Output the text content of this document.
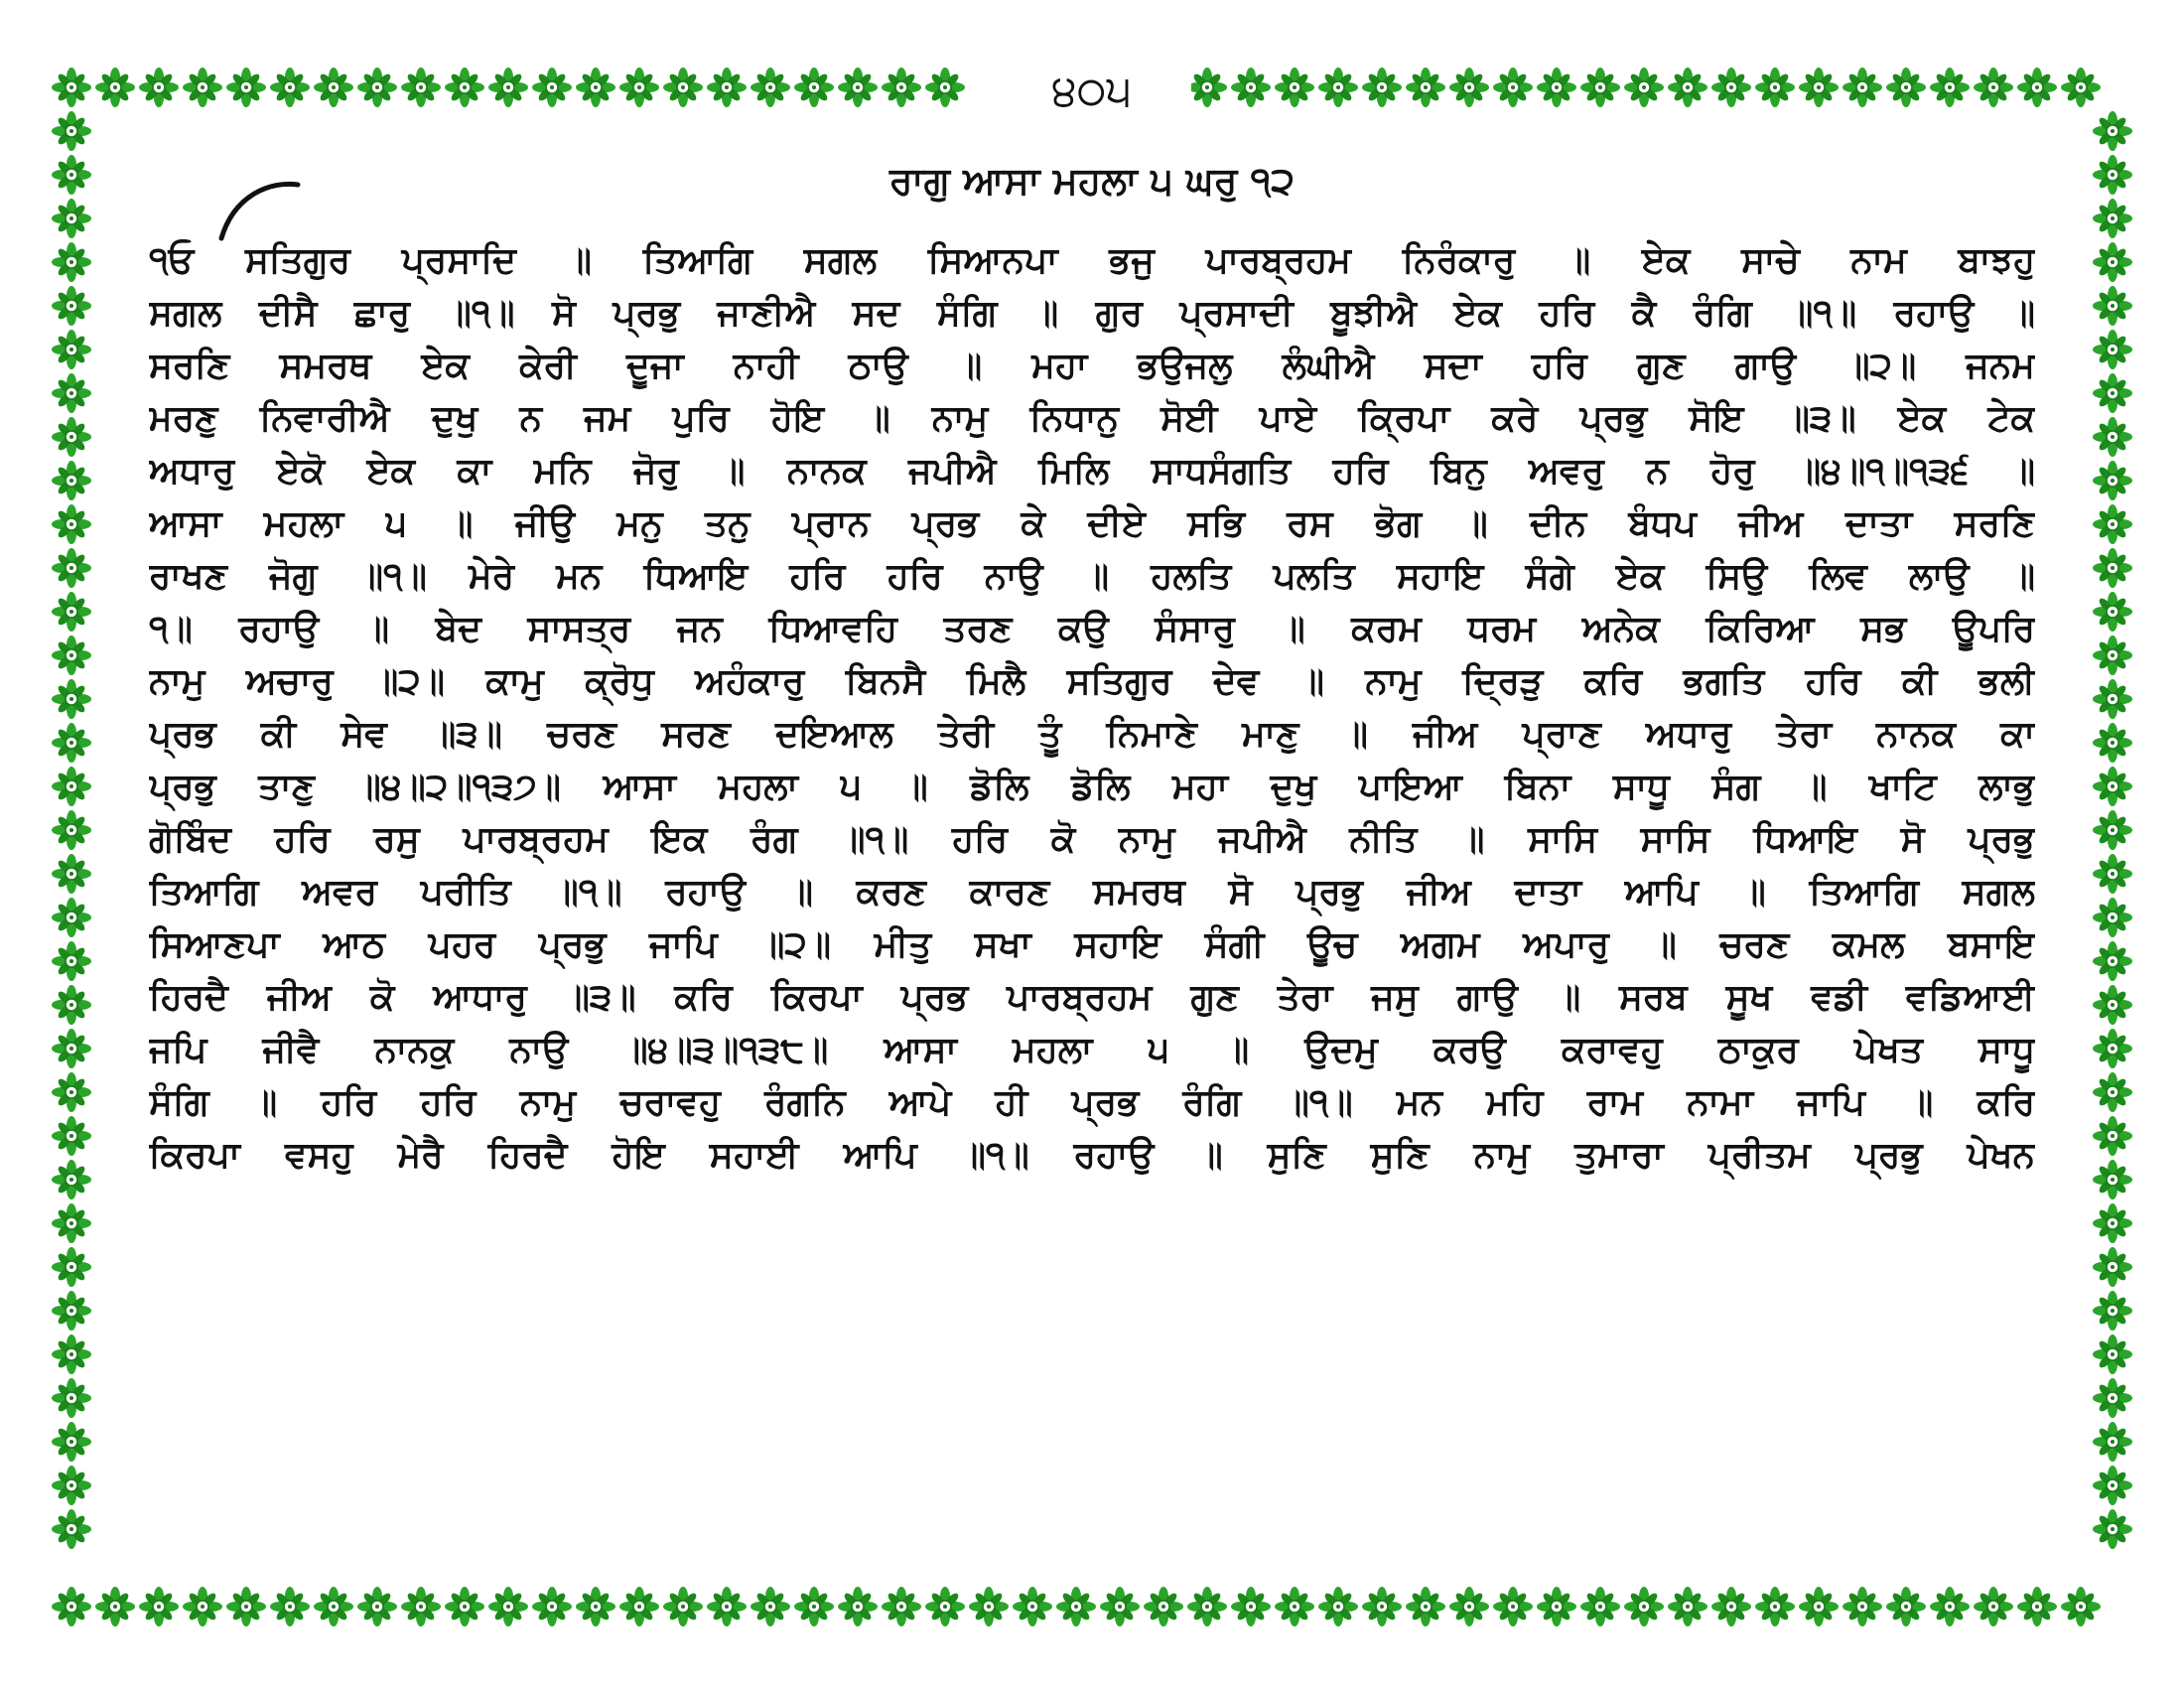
੪੦੫
ਰਾਗੁ ਆਸਾ ਮਹਲਾ ੫ ਘਰੁ ੧੨
੧ਓ ਸਤਿਗੁਰ ਪ੍ਰਸਾਦਿ ॥ ਤਿਆਗਿ ਸਗਲ ਸਿਆਨਪਾ ਭਜੁ ਪਾਰਬ੍ਰਹਮ ਨਿਰੰਕਾਰੁ ॥ ਏਕ ਸਾਚੇ ਨਾਮ ਬਾਝਹੁ
ਸਗਲ ਦੀਸੈ ਛਾਰੁ ॥੧॥ ਸੋ ਪ੍ਰਭੁ ਜਾਣੀਐ ਸਦ ਸੰਗਿ ॥ ਗੁਰ ਪ੍ਰਸਾਦੀ ਬੂਝੀਐ ਏਕ ਹਰਿ ਕੈ ਰੰਗਿ ॥੧॥ ਰਹਾਉ ॥
ਸਰਣਿ ਸਮਰਥ ਏਕ ਕੇਰੀ ਦੂਜਾ ਨਾਹੀ ਠਾਉ ॥ ਮਹਾ ਭਉਜਲੁ ਲੰਘੀਐ ਸਦਾ ਹਰਿ ਗੁਣ ਗਾਉ ॥੨॥ ਜਨਮ
ਮਰਣੁ ਨਿਵਾਰੀਐ ਦੁਖੁ ਨ ਜਮ ਪੁਰਿ ਹੋਇ ॥ ਨਾਮੁ ਨਿਧਾਨੁ ਸੋਈ ਪਾਏ ਕ੍ਰਿਪਾ ਕਰੇ ਪ੍ਰਭੁ ਸੋਇ ॥੩॥ ਏਕ ਟੇਕ
ਅਧਾਰੁ ਏਕੋ ਏਕ ਕਾ ਮਨਿ ਜੋਰੁ ॥ ਨਾਨਕ ਜਪੀਐ ਮਿਲਿ ਸਾਧਸੰਗਤਿ ਹਰਿ ਬਿਨੁ ਅਵਰੁ ਨ ਹੋਰੁ ॥੪॥੧॥੧੩੬ ॥
ਆਸਾ ਮਹਲਾ ੫ ॥ ਜੀਉ ਮਨੁ ਤਨੁ ਪ੍ਰਾਨ ਪ੍ਰਭ ਕੇ ਦੀਏ ਸਭਿ ਰਸ ਭੋਗ ॥ ਦੀਨ ਬੰਧਪ ਜੀਅ ਦਾਤਾ ਸਰਣਿ
ਰਾਖਣ ਜੋਗੁ ॥੧॥ ਮੇਰੇ ਮਨ ਧਿਆਇ ਹਰਿ ਹਰਿ ਨਾਉ ॥ ਹਲਤਿ ਪਲਤਿ ਸਹਾਇ ਸੰਗੇ ਏਕ ਸਿਉ ਲਿਵ ਲਾਉ ॥
੧॥ ਰਹਾਉ ॥ ਬੇਦ ਸਾਸਤ੍ਰ ਜਨ ਧਿਆਵਹਿ ਤਰਣ ਕਉ ਸੰਸਾਰੁ ॥ ਕਰਮ ਧਰਮ ਅਨੇਕ ਕਿਰਿਆ ਸਭ ਊਪਰਿ
ਨਾਮੁ ਅਚਾਰੁ ॥੨॥ ਕਾਮੁ ਕ੍ਰੋਧੁ ਅਹੰਕਾਰੁ ਬਿਨਸੈ ਮਿਲੈ ਸਤਿਗੁਰ ਦੇਵ ॥ ਨਾਮੁ ਦ੍ਰਿੜੁ ਕਰਿ ਭਗਤਿ ਹਰਿ ਕੀ ਭਲੀ
ਪ੍ਰਭ ਕੀ ਸੇਵ ॥੩॥ ਚਰਣ ਸਰਣ ਦਇਆਲ ਤੇਰੀ ਤੂੰ ਨਿਮਾਣੇ ਮਾਣੁ ॥ ਜੀਅ ਪ੍ਰਾਣ ਅਧਾਰੁ ਤੇਰਾ ਨਾਨਕ ਕਾ
ਪ੍ਰਭੁ ਤਾਣੁ ॥੪॥੨॥੧੩੭॥ ਆਸਾ ਮਹਲਾ ੫ ॥ ਡੋਲਿ ਡੋਲਿ ਮਹਾ ਦੁਖੁ ਪਾਇਆ ਬਿਨਾ ਸਾਧੂ ਸੰਗ ॥ ਖਾਟਿ ਲਾਭੁ
ਗੋਬਿੰਦ ਹਰਿ ਰਸੁ ਪਾਰਬ੍ਰਹਮ ਇਕ ਰੰਗ ॥੧॥ ਹਰਿ ਕੋ ਨਾਮੁ ਜਪੀਐ ਨੀਤਿ ॥ ਸਾਸਿ ਸਾਸਿ ਧਿਆਇ ਸੋ ਪ੍ਰਭੁ
ਤਿਆਗਿ ਅਵਰ ਪਰੀਤਿ ॥੧॥ ਰਹਾਉ ॥ ਕਰਣ ਕਾਰਣ ਸਮਰਥ ਸੋ ਪ੍ਰਭੁ ਜੀਅ ਦਾਤਾ ਆਪਿ ॥ ਤਿਆਗਿ ਸਗਲ
ਸਿਆਣਪਾ ਆਠ ਪਹਰ ਪ੍ਰਭੁ ਜਾਪਿ ॥੨॥ ਮੀਤੁ ਸਖਾ ਸਹਾਇ ਸੰਗੀ ਊਚ ਅਗਮ ਅਪਾਰੁ ॥ ਚਰਣ ਕਮਲ ਬਸਾਇ
ਹਿਰਦੈ ਜੀਅ ਕੋ ਆਧਾਰੁ ॥੩॥ ਕਰਿ ਕਿਰਪਾ ਪ੍ਰਭ ਪਾਰਬ੍ਰਹਮ ਗੁਣ ਤੇਰਾ ਜਸੁ ਗਾਉ ॥ ਸਰਬ ਸੂਖ ਵਡੀ ਵਡਿਆਈ
ਜਪਿ ਜੀਵੈ ਨਾਨਕੁ ਨਾਉ ॥੪॥੩॥੧੩੮॥ ਆਸਾ ਮਹਲਾ ੫ ॥ ਉਦਮੁ ਕਰਉ ਕਰਾਵਹੁ ਠਾਕੁਰ ਪੇਖਤ ਸਾਧੂ
ਸੰਗਿ ॥ ਹਰਿ ਹਰਿ ਨਾਮੁ ਚਰਾਵਹੁ ਰੰਗਨਿ ਆਪੇ ਹੀ ਪ੍ਰਭ ਰੰਗਿ ॥੧॥ ਮਨ ਮਹਿ ਰਾਮ ਨਾਮਾ ਜਾਪਿ ॥ ਕਰਿ
ਕਿਰਪਾ ਵਸਹੁ ਮੇਰੈ ਹਿਰਦੈ ਹੋਇ ਸਹਾਈ ਆਪਿ ॥੧॥ ਰਹਾਉ ॥ ਸੁਣਿ ਸੁਣਿ ਨਾਮੁ ਤੁਮਾਰਾ ਪ੍ਰੀਤਮ ਪ੍ਰਭੁ ਪੇਖਨ
